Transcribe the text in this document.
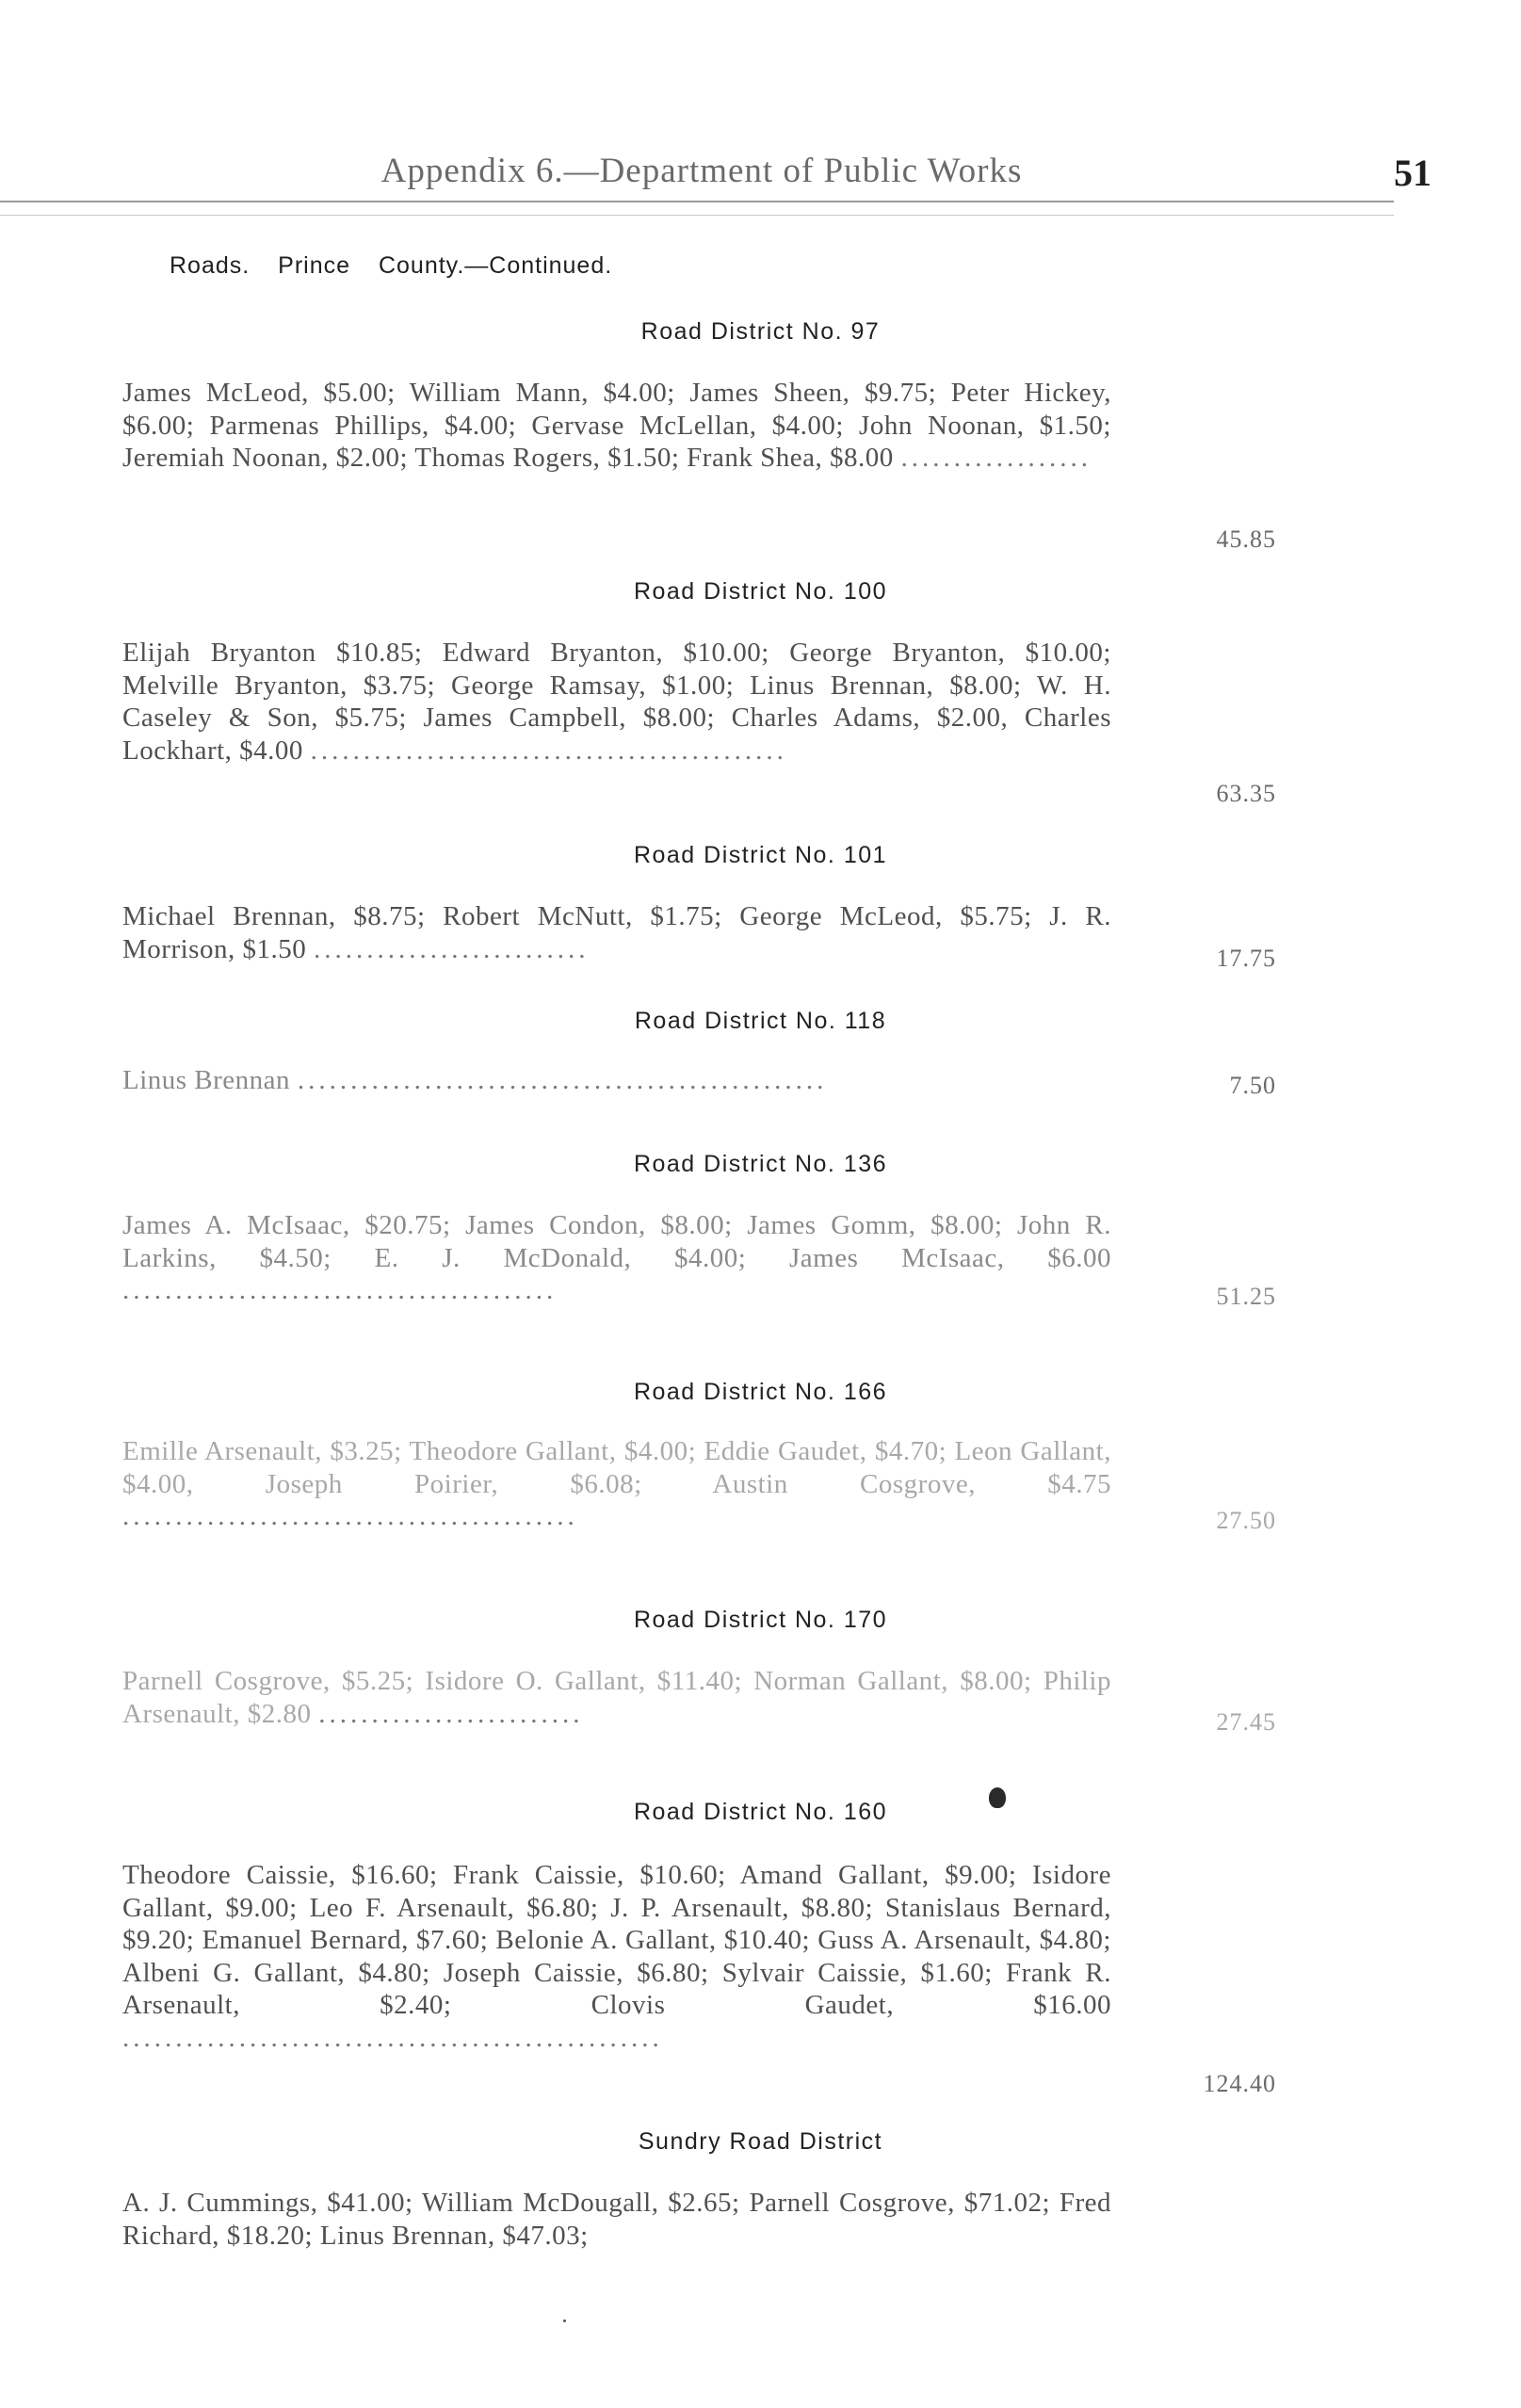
Appendix 6.—Department of Public Works	51
Roads. Prince County.—Continued.
Road District No. 97
James McLeod, $5.00; William Mann, $4.00; James Sheen, $9.75; Peter Hickey, $6.00; Parmenas Phillips, $4.00; Gervase McLellan, $4.00; John Noonan, $1.50; Jeremiah Noonan, $2.00; Thomas Rogers, $1.50; Frank Shea, $8.00 ..................
45.85
Road District No. 100
Elijah Bryanton $10.85; Edward Bryanton, $10.00; George Bryanton, $10.00; Melville Bryanton, $3.75; George Ramsay, $1.00; Linus Brennan, $8.00; W. H. Caseley & Son, $5.75; James Campbell, $8.00; Charles Adams, $2.00, Charles Lockhart, $4.00 .............................................
63.35
Road District No. 101
Michael Brennan, $8.75; Robert McNutt, $1.75; George McLeod, $5.75; J. R. Morrison, $1.50 ..........................	17.75
Road District No. 118
Linus Brennan ..................................................	7.50
Road District No. 136
James A. McIsaac, $20.75; James Condon, $8.00; James Gomm, $8.00; John R. Larkins, $4.50; E. J. McDonald, $4.00; James McIsaac, $6.00 .........................................	51.25
Road District No. 166
Emille Arsenault, $3.25; Theodore Gallant, $4.00; Eddie Gaudet, $4.70; Leon Gallant, $4.00, Joseph Poirier, $6.08; Austin Cosgrove, $4.75 ...........................................	27.50
Road District No. 170
Parnell Cosgrove, $5.25; Isidore O. Gallant, $11.40; Norman Gallant, $8.00; Philip Arsenault, $2.80 .........................	27.45
Road District No. 160
Theodore Caissie, $16.60; Frank Caissie, $10.60; Amand Gallant, $9.00; Isidore Gallant, $9.00; Leo F. Arsenault, $6.80; J. P. Arsenault, $8.80; Stanislaus Bernard, $9.20; Emanuel Bernard, $7.60; Belonie A. Gallant, $10.40; Guss A. Arsenault, $4.80; Albeni G. Gallant, $4.80; Joseph Caissie, $6.80; Sylvair Caissie, $1.60; Frank R. Arsenault, $2.40; Clovis Gaudet, $16.00 ...................................................
124.40
Sundry Road District
A. J. Cummings, $41.00; William McDougall, $2.65; Parnell Cosgrove, $71.02; Fred Richard, $18.20; Linus Brennan, $47.03;
